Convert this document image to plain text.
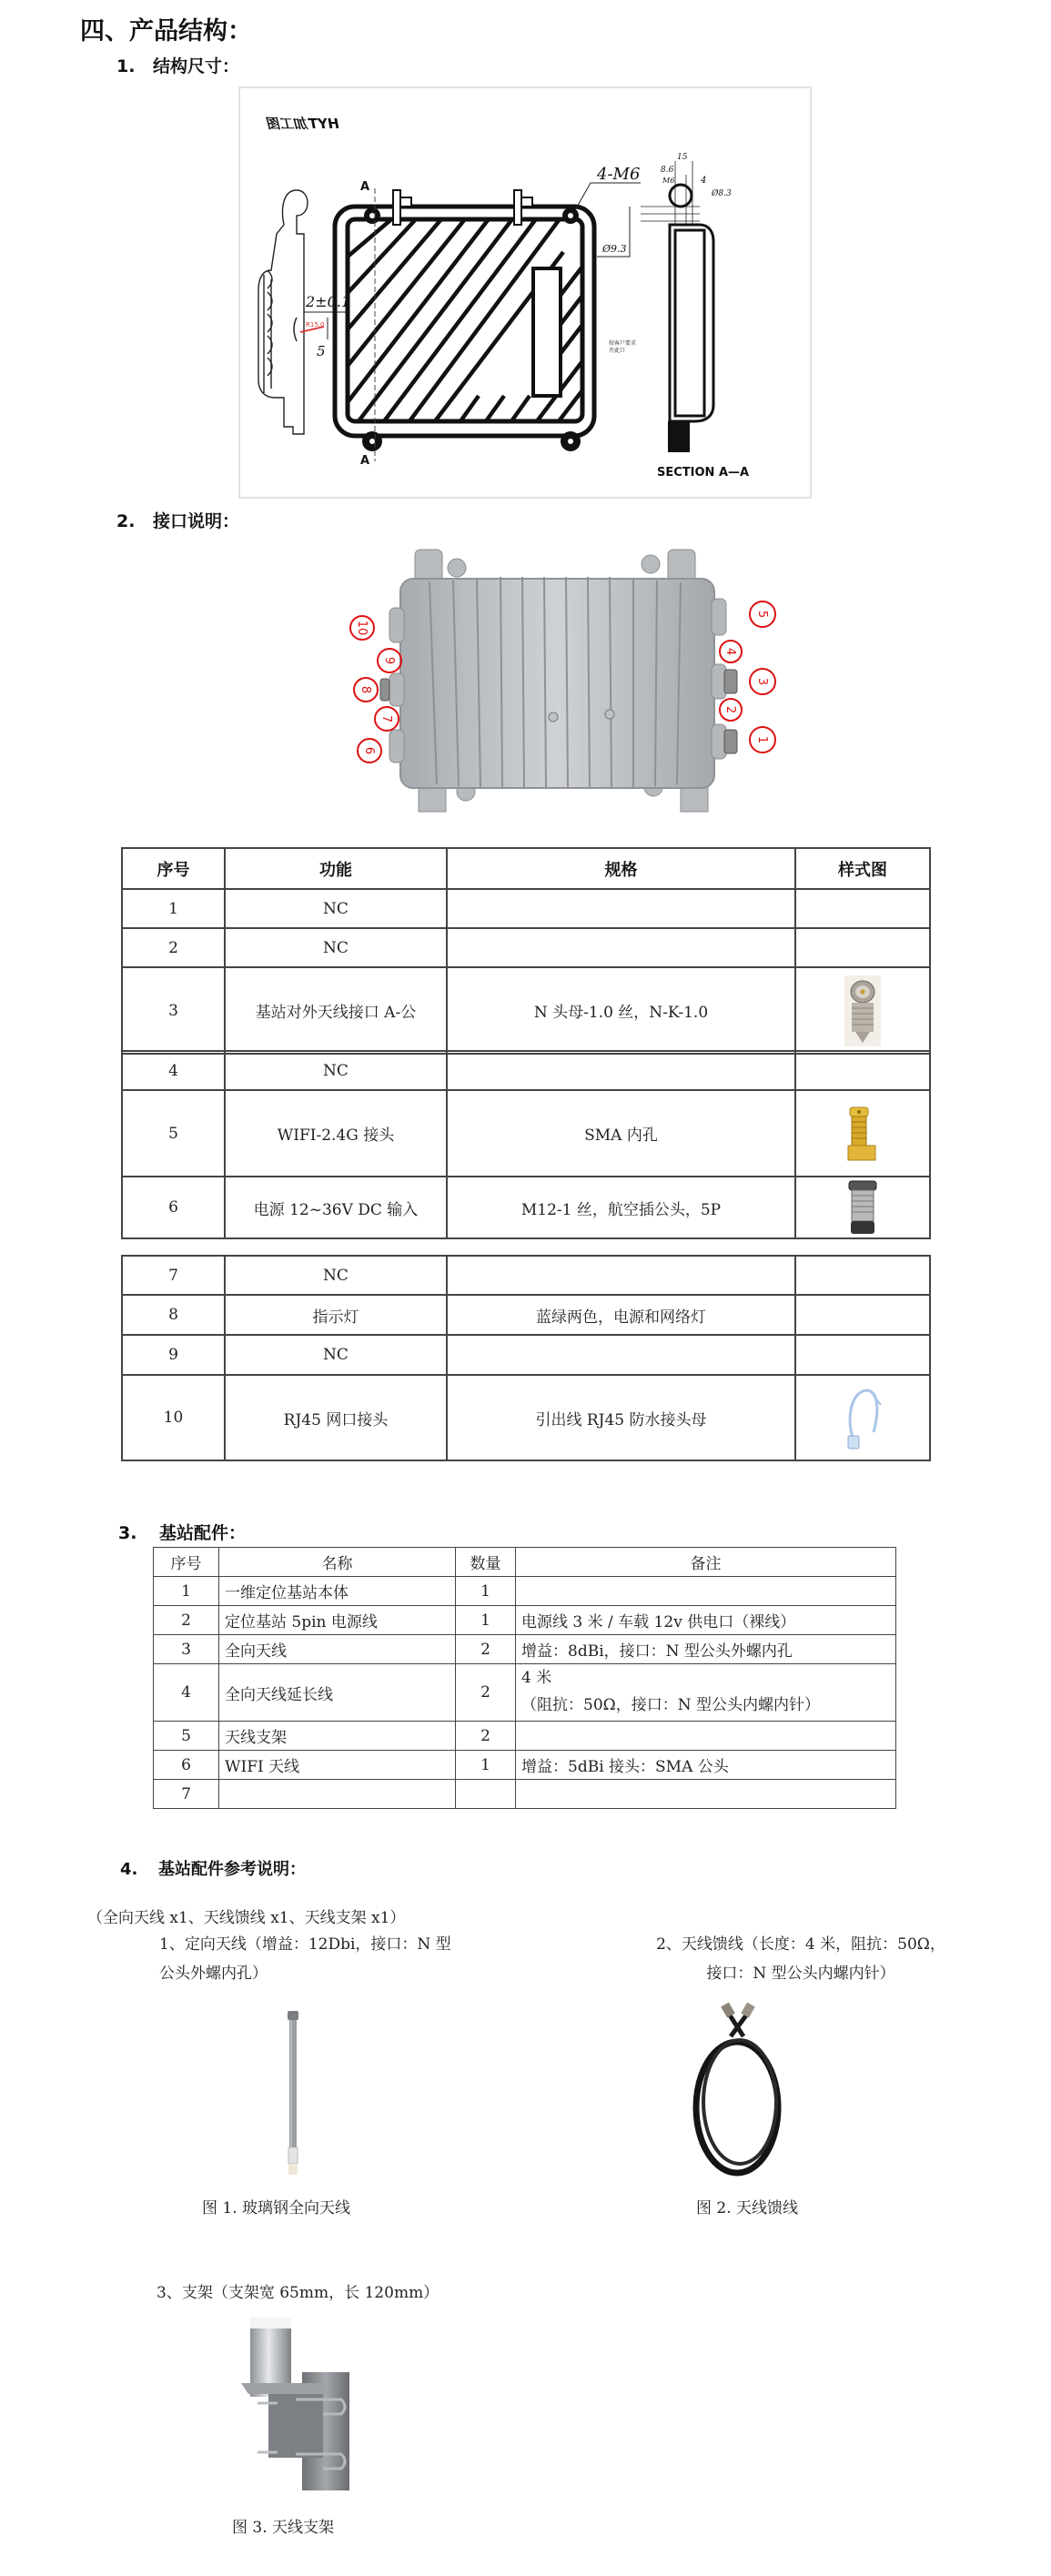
四、产品结构：
1. 结构尺寸：
HYT加工图
R15.0
2±0.1
5
A
A
4-M6
Ø9.3
按客户要求
开此口
15
8.6
4
M6
Ø8.3
SECTION A—A
2. 接口说明：
10
9
8
7
6
5
4
3
2
1
序号	功能	规格	样式图
1	NC		
2	NC		
3	基站对外天线接口 A-公	N 头母-1.0 丝，N-K-1.0	
4	NC		
5	WIFI-2.4G 接头	SMA 内孔	
6	电源 12~36V DC 输入	M12-1 丝，航空插公头，5P	
7	NC		
8	指示灯	蓝绿两色，电源和网络灯	
9	NC		
10	RJ45 网口接头	引出线 RJ45 防水接头母	
3. 基站配件：
序号	名称	数量	备注
1	一维定位基站本体	1	
2	定位基站 5pin 电源线	1	电源线 3 米 / 车载 12v 供电口（裸线）
3	全向天线	2	增益：8dBi，接口：N 型公头外螺内孔
4	全向天线延长线	2	4 米
（阻抗：50Ω，接口：N 型公头内螺内针）

5	天线支架	2	
6	WIFI 天线	1	增益：5dBi 接头：SMA 公头
7			
4. 基站配件参考说明：
（全向天线 x1、天线馈线 x1、天线支架 x1）
1、定向天线（增益：12Dbi，接口：N 型
公头外螺内孔）
2、天线馈线（长度：4 米，阻抗：50Ω，
接口：N 型公头内螺内针）
图 1. 玻璃钢全向天线	图 2. 天线馈线
3、支架（支架宽 65mm，长 120mm）
图 3. 天线支架
